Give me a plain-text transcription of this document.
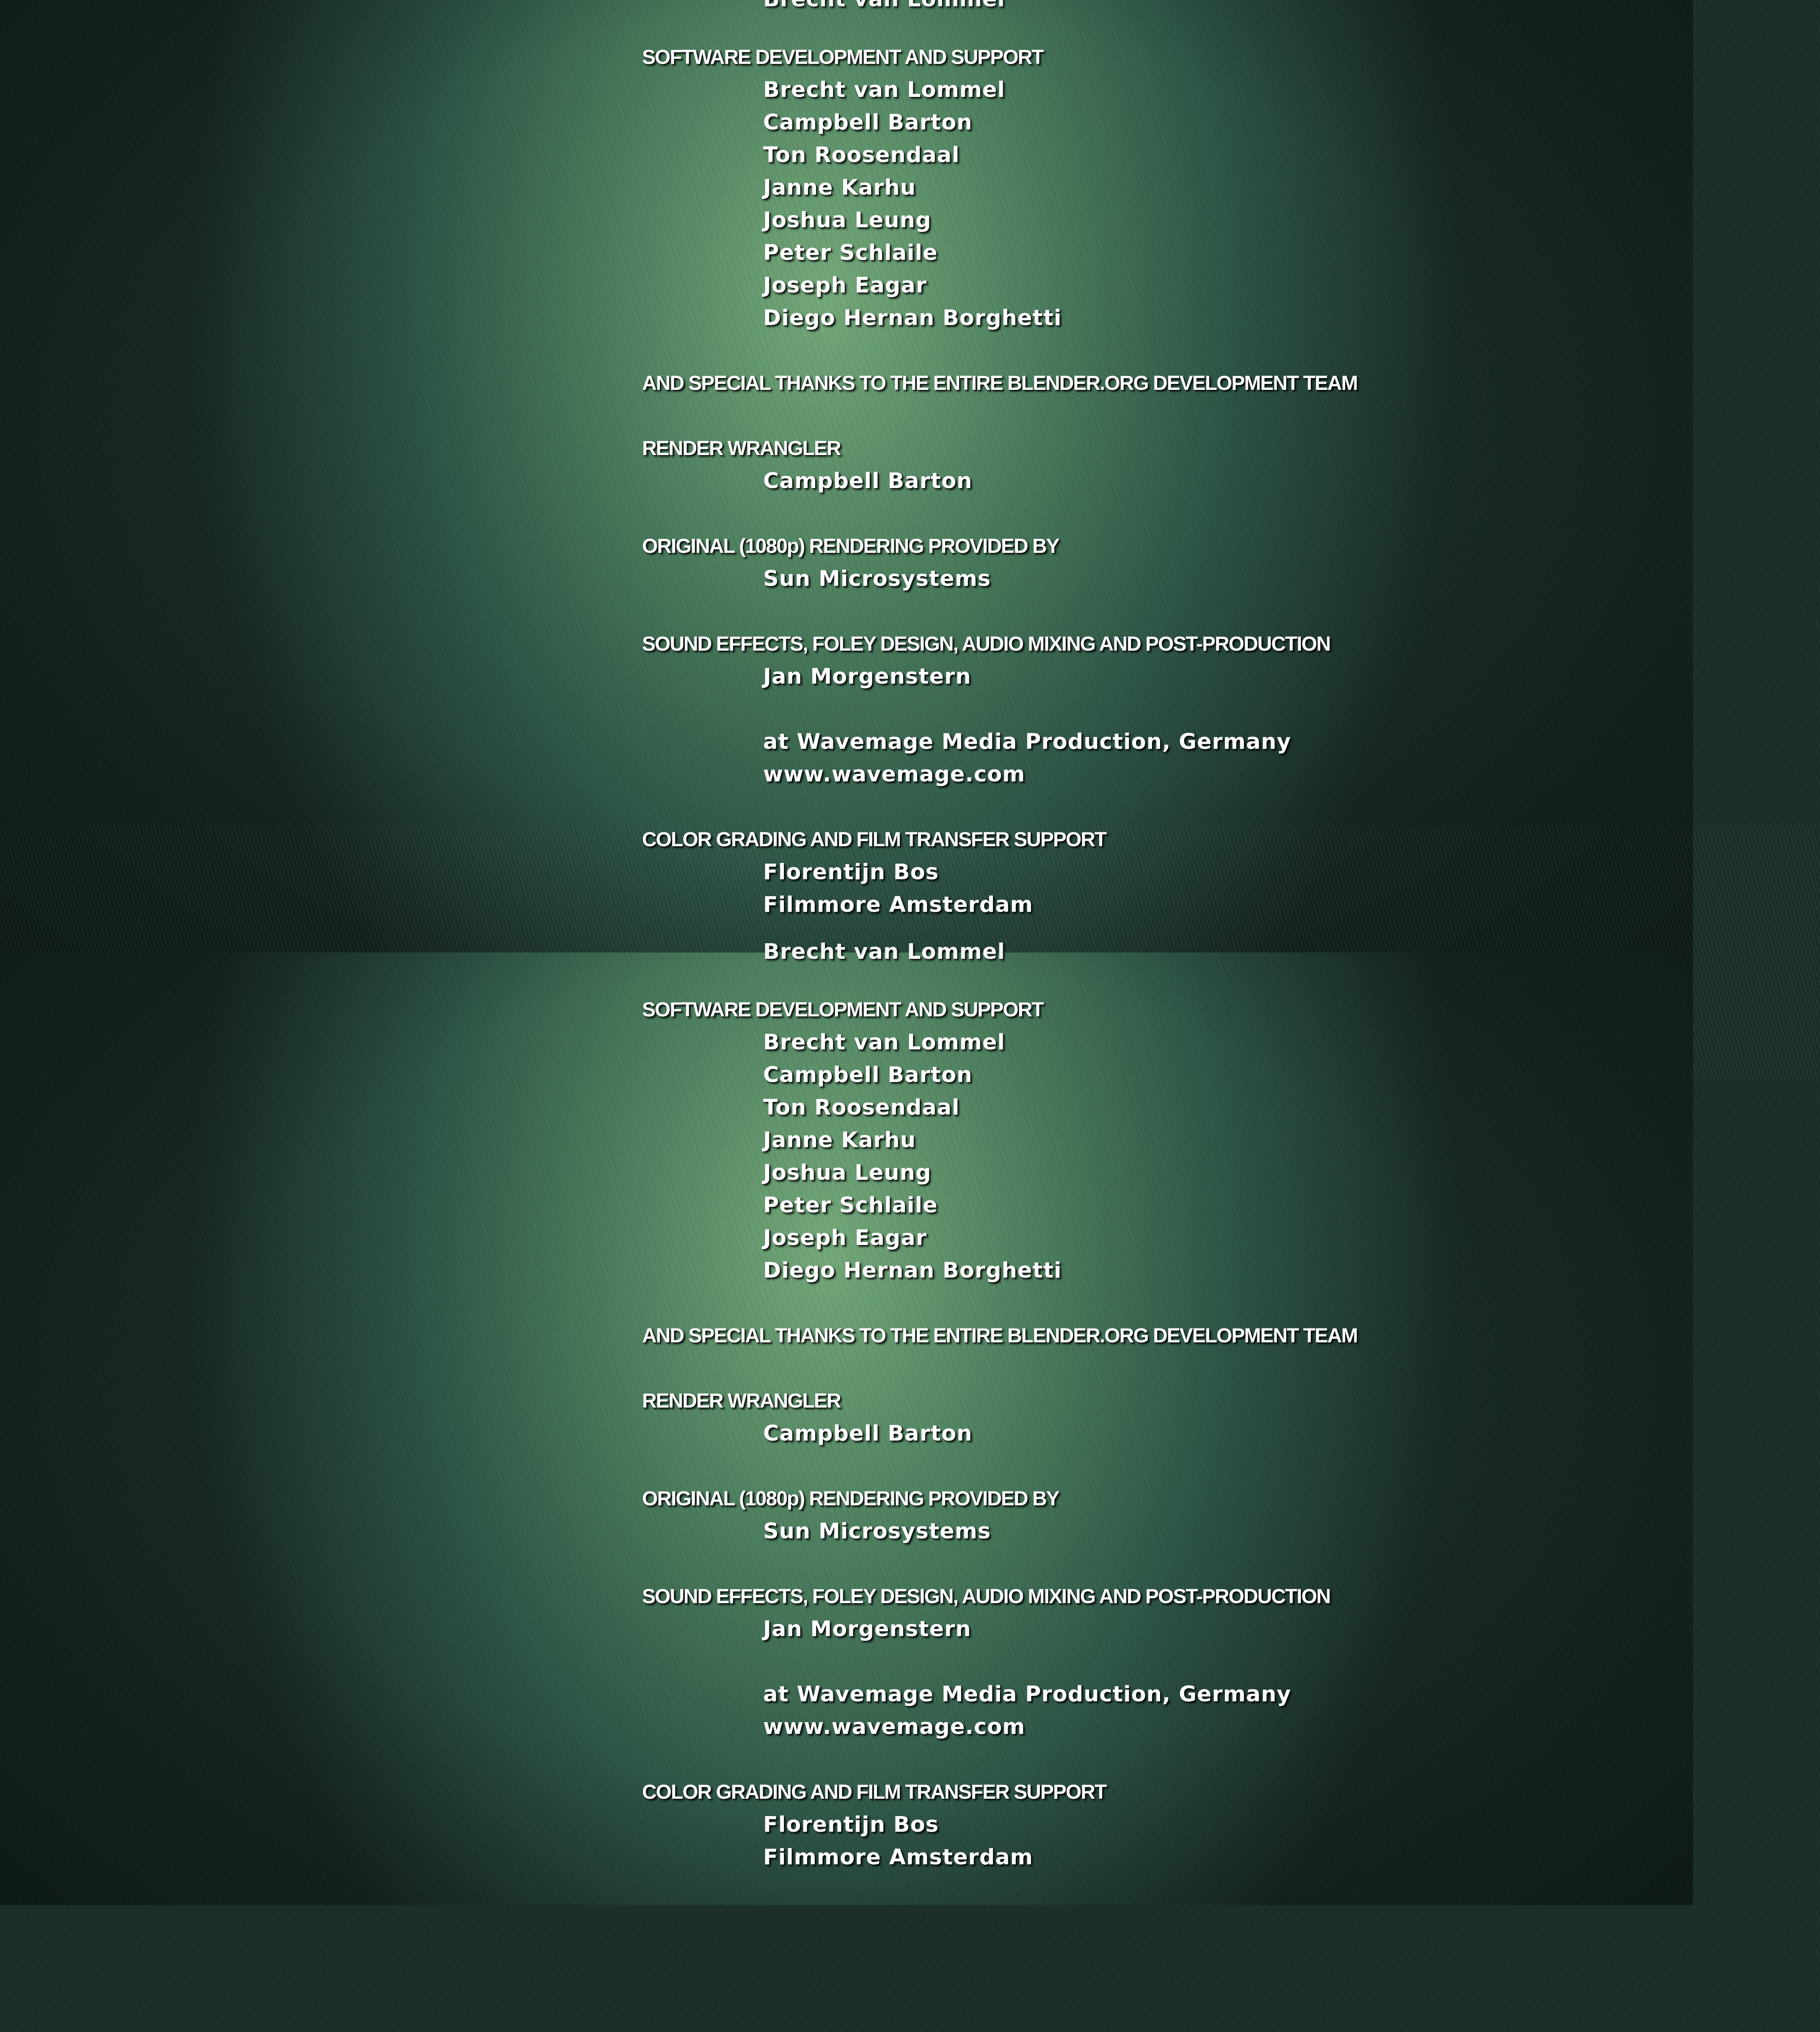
SOFTWARE DEVELOPMENT AND SUPPORT
Brecht van Lommel
Campbell Barton
Ton Roosendaal
Janne Karhu
Joshua Leung
Peter Schlaile
Joseph Eagar
Diego Hernan Borghetti
AND SPECIAL THANKS TO THE ENTIRE BLENDER.ORG DEVELOPMENT TEAM
RENDER WRANGLER
Campbell Barton
ORIGINAL (1080p) RENDERING PROVIDED BY
Sun Microsystems
SOUND EFFECTS, FOLEY DESIGN, AUDIO MIXING AND POST-PRODUCTION
Jan Morgenstern
at Wavemage Media Production, Germany
www.wavemage.com
COLOR GRADING AND FILM TRANSFER SUPPORT
Florentijn Bos
Filmmore Amsterdam
Brecht van Lommel
SOFTWARE DEVELOPMENT AND SUPPORT
Brecht van Lommel
Campbell Barton
Ton Roosendaal
Janne Karhu
Joshua Leung
Peter Schlaile
Joseph Eagar
Diego Hernan Borghetti
AND SPECIAL THANKS TO THE ENTIRE BLENDER.ORG DEVELOPMENT TEAM
RENDER WRANGLER
Campbell Barton
ORIGINAL (1080p) RENDERING PROVIDED BY
Sun Microsystems
SOUND EFFECTS, FOLEY DESIGN, AUDIO MIXING AND POST-PRODUCTION
Jan Morgenstern
at Wavemage Media Production, Germany
www.wavemage.com
COLOR GRADING AND FILM TRANSFER SUPPORT
Florentijn Bos
Filmmore Amsterdam
